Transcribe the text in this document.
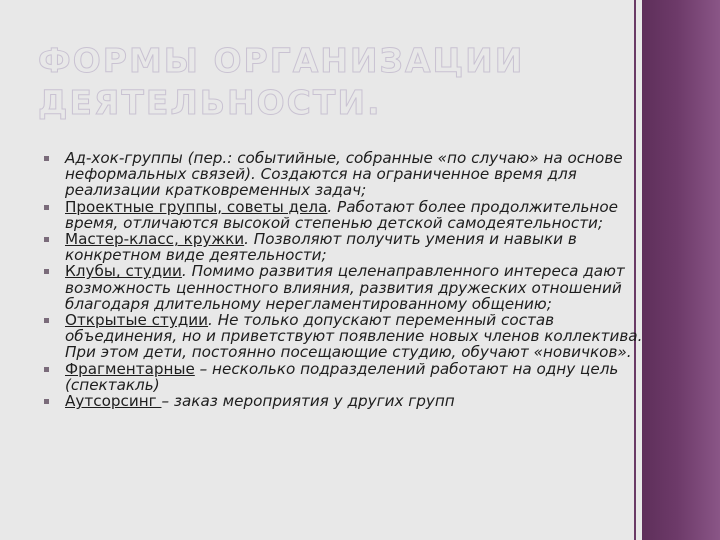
ФОРМЫ ОРГАНИЗАЦИИ
ДЕЯТЕЛЬНОСТИ.
Ад-хок-группы (пер.: событийные, собранные «по случаю» на основе неформальных связей). Создаются на ограниченное время для реализации кратковременных задач;
Проектные группы, советы дела. Работают более продолжительное время, отличаются высокой степенью детской самодеятельности;
Мастер-класс, кружки. Позволяют получить умения и навыки в конкретном виде деятельности;
Клубы, студии. Помимо развития целенаправленного интереса дают возможность ценностного влияния, развития дружеских отношений благодаря длительному нерегламентированному общению;
Открытые студии. Не только допускают переменный состав объединения, но и приветствуют появление новых членов коллектива. При этом дети, постоянно посещающие студию, обучают «новичков».
Фрагментарные – несколько подразделений работают на одну цель (спектакль)
Аутсорсинг – заказ мероприятия у других групп
